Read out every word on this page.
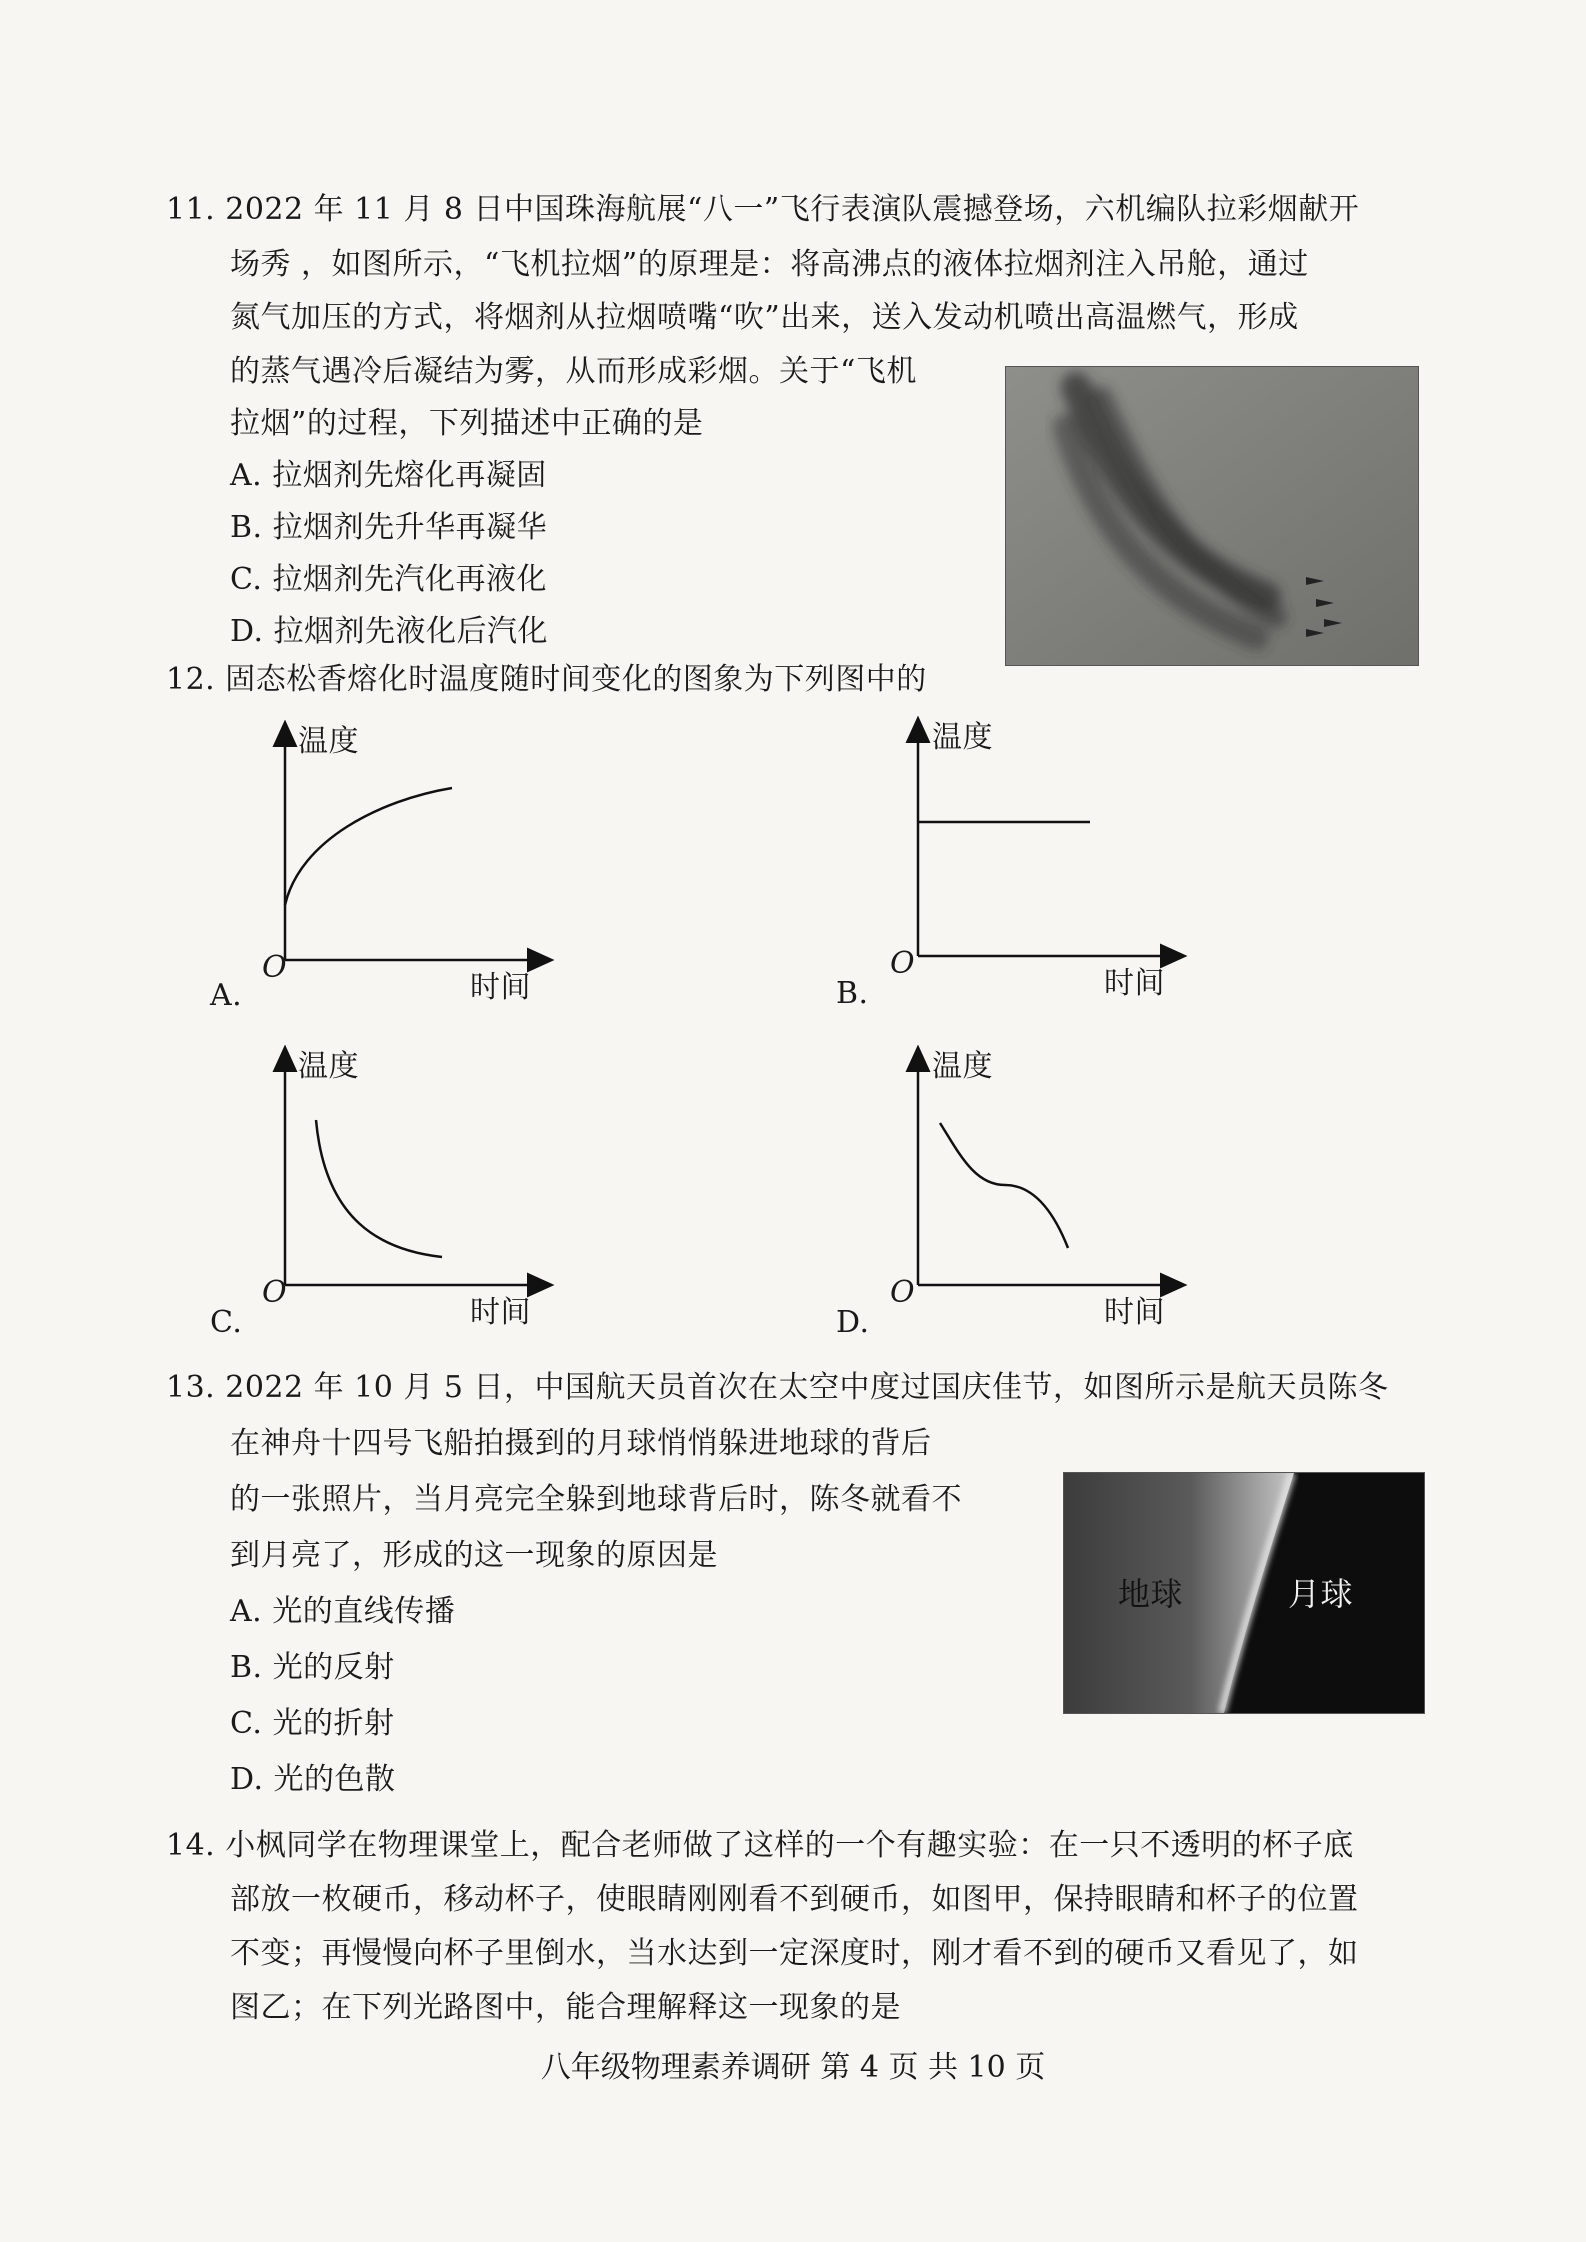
11. 2022 年 11 月 8 日中国珠海航展“八一”飞行表演队震撼登场，六机编队拉彩烟献开
场秀 ，如图所示，“飞机拉烟”的原理是：将高沸点的液体拉烟剂注入吊舱，通过
氮气加压的方式，将烟剂从拉烟喷嘴“吹”出来，送入发动机喷出高温燃气，形成
的蒸气遇冷后凝结为雾，从而形成彩烟。关于“飞机
拉烟”的过程，下列描述中正确的是
A. 拉烟剂先熔化再凝固
B. 拉烟剂先升华再凝华
C. 拉烟剂先汽化再液化
D. 拉烟剂先液化后汽化
12. 固态松香熔化时温度随时间变化的图象为下列图中的
温度
O
时间
A.
温度
O
时间
B.
温度
O
时间
C.
温度
O
时间
D.
13. 2022 年 10 月 5 日，中国航天员首次在太空中度过国庆佳节，如图所示是航天员陈冬
在神舟十四号飞船拍摄到的月球悄悄躲进地球的背后
的一张照片，当月亮完全躲到地球背后时，陈冬就看不
到月亮了，形成的这一现象的原因是
A. 光的直线传播
B. 光的反射
C. 光的折射
D. 光的色散
地球	月球
14. 小枫同学在物理课堂上，配合老师做了这样的一个有趣实验：在一只不透明的杯子底
部放一枚硬币，移动杯子，使眼睛刚刚看不到硬币，如图甲，保持眼睛和杯子的位置
不变；再慢慢向杯子里倒水，当水达到一定深度时，刚才看不到的硬币又看见了，如
图乙；在下列光路图中，能合理解释这一现象的是
八年级物理素养调研 第 4 页 共 10 页
